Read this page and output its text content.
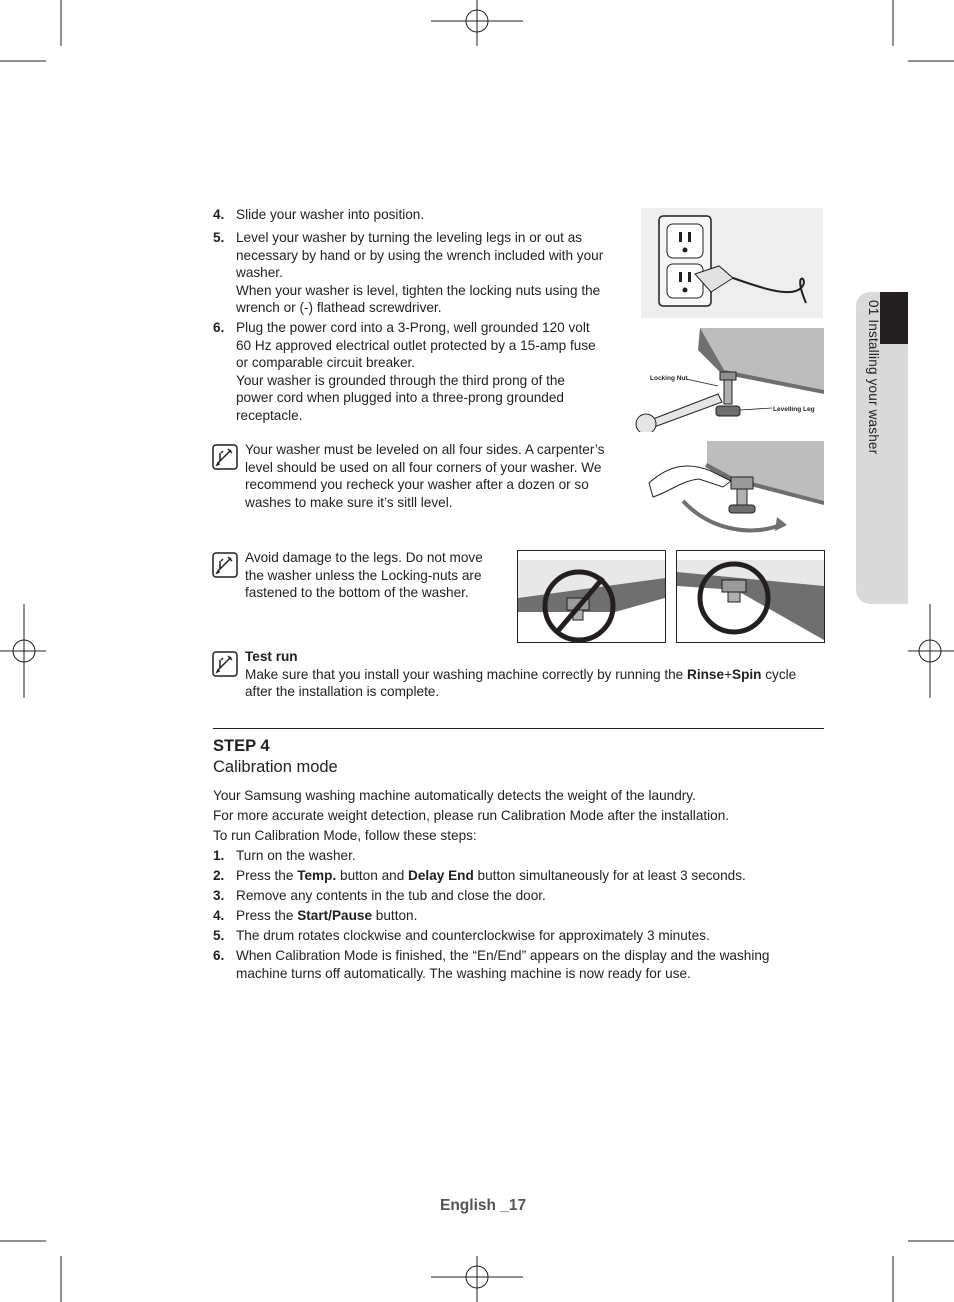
01 Installing your washer
4. Slide your washer into position.
5. Level your washer by turning the leveling legs in or out as
necessary by hand or by using the wrench included with your
washer.
When your washer is level, tighten the locking nuts using the
wrench or (-) flathead screwdriver.
6. Plug the power cord into a 3-Prong, well grounded 120 volt
60 Hz approved electrical outlet protected by a 15-amp fuse
or comparable circuit breaker.
Your washer is grounded through the third prong of the
power cord when plugged into a three-prong grounded
receptacle.
Your washer must be leveled on all four sides. A carpenter’s
level should be used on all four corners of your washer. We
recommend you recheck your washer after a dozen or so
washes to make sure it’s sitll level.
Avoid damage to the legs. Do not move
the washer unless the Locking-nuts are
fastened to the bottom of the washer.
Test run
Make sure that you install your washing machine correctly by running the Rinse+Spin cycle
after the installation is complete.
Locking Nut
Levelling Leg
STEP 4
Calibration mode
Your Samsung washing machine automatically detects the weight of the laundry.
For more accurate weight detection, please run Calibration Mode after the installation.
To run Calibration Mode, follow these steps:
1. Turn on the washer.
2. Press the Temp. button and Delay End button simultaneously for at least 3 seconds.
3. Remove any contents in the tub and close the door.
4. Press the Start/Pause button.
5. The drum rotates clockwise and counterclockwise for approximately 3 minutes.
6. When Calibration Mode is finished, the “En/End” appears on the display and the washing
machine turns off automatically. The washing machine is now ready for use.
English _17
